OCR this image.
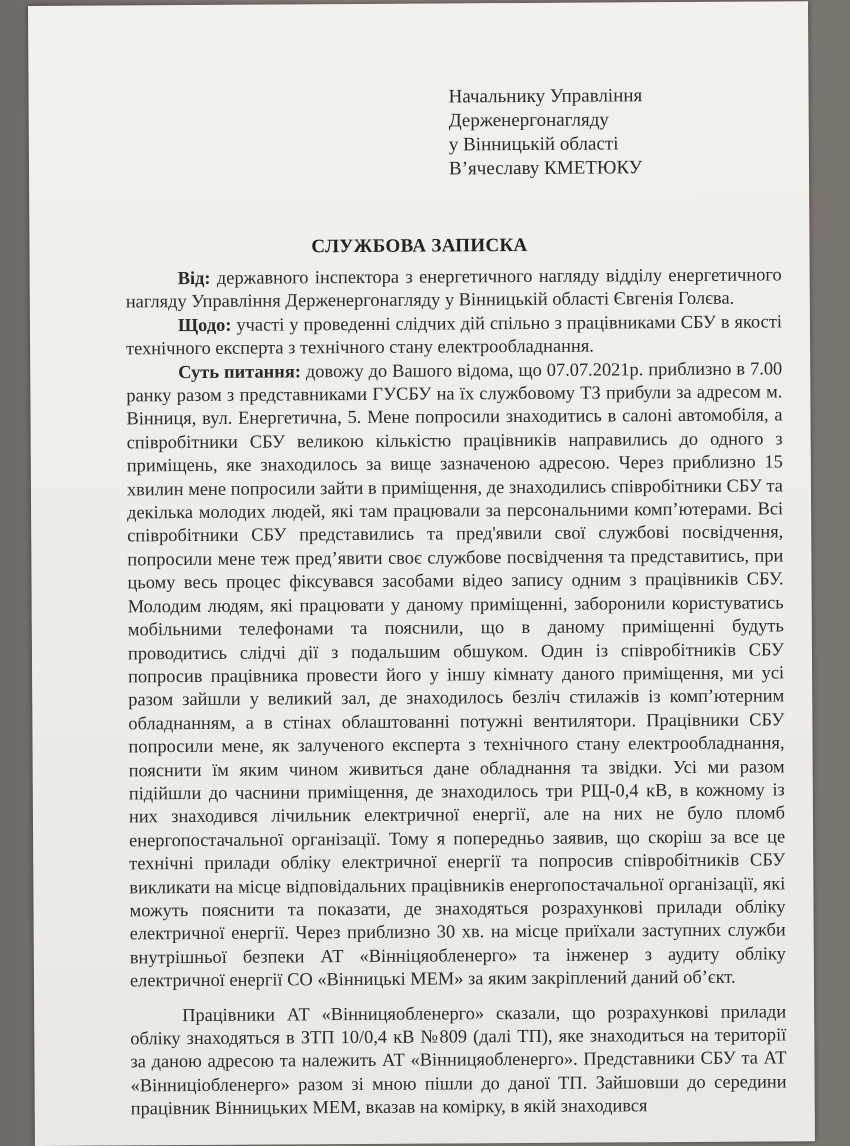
Начальнику Управління
Держенергонагляду
у Вінницькій області
В’ячеславу КМЕТЮКУ
СЛУЖБОВА ЗАПИСКА

Від: державного інспектора з енергетичного нагляду відділу енергетичного нагляду Управління Держенергонагляду у Вінницькій області Євгенія Голєва.

Щодо: участі у проведенні слідчих дій спільно з працівниками СБУ в якості технічного експерта з технічного стану електрообладнання.

Суть питання: довожу до Вашого відома, що 07.07.2021р. приблизно в 7.00 ранку разом з представниками ГУСБУ на їх службовому ТЗ прибули за адресом м. Вінниця, вул. Енергетична, 5. Мене попросили знаходитись в салоні автомобіля, а співробітники СБУ великою кількістю працівників направились до одного з приміщень, яке знаходилось за вище зазначеною адресою. Через приблизно 15 хвилин мене попросили зайти в приміщення, де знаходились співробітники СБУ та декілька молодих людей, які там працювали за персональними комп’ютерами. Всі співробітники СБУ представились та пред'явили свої службові посвідчення, попросили мене теж пред’явити своє службове посвідчення та представитись, при цьому весь процес фіксувався засобами відео запису одним з працівників СБУ. Молодим людям, які працювати у даному приміщенні, заборонили користуватись мобільними телефонами та пояснили, що в даному приміщенні будуть проводитись слідчі дії з подальшим обшуком. Один із співробітників СБУ попросив працівника провести його у іншу кімнату даного приміщення, ми усі разом зайшли у великий зал, де знаходилось безліч стилажів із комп’ютерним обладнанням, а в стінах облаштованні потужні вентилятори. Працівники СБУ попросили мене, як залученого експерта з технічного стану електрообладнання, пояснити їм яким чином живиться дане обладнання та звідки. Усі ми разом підійшли до часнини приміщення, де знаходилось три РЩ-0,4 кВ, в кожному із них знаходився лічильник електричної енергії, але на них не було пломб енергопостачальної організації. Тому я попередньо заявив, що скоріш за все це технічні прилади обліку електричної енергії та попросив співробітників СБУ викликати на місце відповідальних працівників енергопостачальної організації, які можуть пояснити та показати, де знаходяться розрахункові прилади обліку електричної енергії. Через приблизно 30 хв. на місце приїхали заступних служби внутрішньої безпеки АТ «Вінніцяобленерго» та інженер з аудиту обліку електричної енергії СО «Вінницькі МЕМ» за яким закріплений даний об’єкт.

Працівники АТ «Вінницяобленерго» сказали, що розрахункові прилади обліку знаходяться в ЗТП 10/0,4 кВ №809 (далі ТП), яке знаходиться на території за даною адресою та належить АТ «Вінницяобленерго». Представники СБУ та АТ «Вінниціобленерго» разом зі мною пішли до даної ТП. Зайшовши до середини працівник Вінницьких МЕМ, вказав на комірку, в якій знаходився
